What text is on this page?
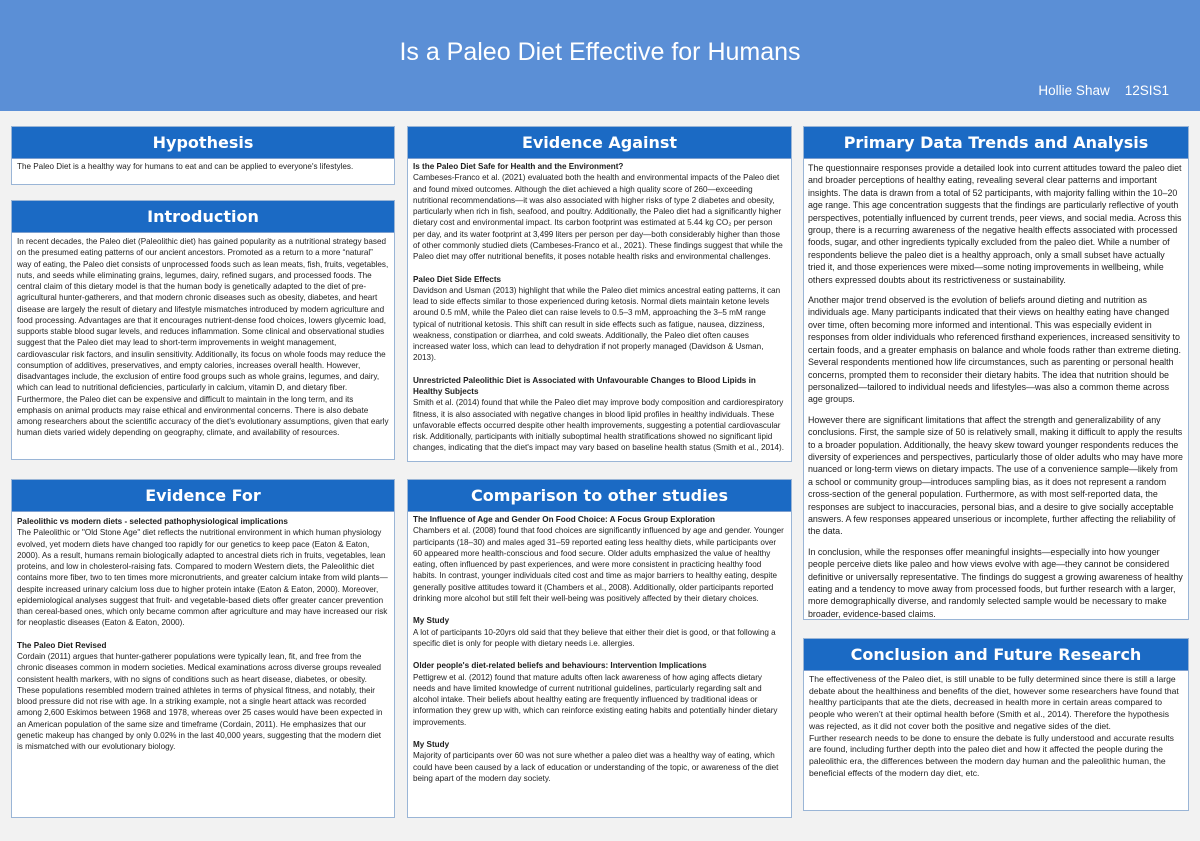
Is a Paleo Diet Effective for Humans
Hollie Shaw    12SIS1
Hypothesis

The Paleo Diet is a healthy way for humans to eat and can be applied to everyone's lifestyles.

Introduction

In recent decades, the Paleo diet (Paleolithic diet) has gained popularity as a nutritional strategy based on the presumed eating patterns of our ancient ancestors. Promoted as a return to a more “natural” way of eating, the Paleo diet consists of unprocessed foods such as lean meats, fish, fruits, vegetables, nuts, and seeds while eliminating grains, legumes, dairy, refined sugars, and processed foods. The central claim of this dietary model is that the human body is genetically adapted to the diet of pre-agricultural hunter-gatherers, and that modern chronic diseases such as obesity, diabetes, and heart disease are largely the result of dietary and lifestyle mismatches introduced by modern agriculture and food processing. Advantages are that it encourages nutrient-dense food choices, lowers glycemic load, supports stable blood sugar levels, and reduces inflammation. Some clinical and observational studies suggest that the Paleo diet may lead to short-term improvements in weight management, cardiovascular risk factors, and insulin sensitivity. Additionally, its focus on whole foods may reduce the consumption of additives, preservatives, and empty calories, increases overall health. However, disadvantages include, the exclusion of entire food groups such as whole grains, legumes, and dairy, which can lead to nutritional deficiencies, particularly in calcium, vitamin D, and dietary fiber. Furthermore, the Paleo diet can be expensive and difficult to maintain in the long term, and its emphasis on animal products may raise ethical and environmental concerns. There is also debate among researchers about the scientific accuracy of the diet’s evolutionary assumptions, given that early human diets varied widely depending on geography, climate, and availability of resources.

Evidence For

Paleolithic vs modern diets - selected pathophysiological implications

The Paleolithic or "Old Stone Age" diet reflects the nutritional environment in which human physiology evolved, yet modern diets have changed too rapidly for our genetics to keep pace (Eaton & Eaton, 2000). As a result, humans remain biologically adapted to ancestral diets rich in fruits, vegetables, lean proteins, and low in cholesterol-raising fats. Compared to modern Western diets, the Paleolithic diet contains more fiber, two to ten times more micronutrients, and greater calcium intake from wild plants—despite increased urinary calcium loss due to higher protein intake (Eaton & Eaton, 2000). Moreover, epidemiological analyses suggest that fruit- and vegetable-based diets offer greater cancer prevention than cereal-based ones, which only became common after agriculture and may have increased our risk for neoplastic diseases (Eaton & Eaton, 2000).

The Paleo Diet Revised

Cordain (2011) argues that hunter-gatherer populations were typically lean, fit, and free from the chronic diseases common in modern societies. Medical examinations across diverse groups revealed consistent health markers, with no signs of conditions such as heart disease, diabetes, or obesity. These populations resembled modern trained athletes in terms of physical fitness, and notably, their blood pressure did not rise with age. In a striking example, not a single heart attack was recorded among 2,600 Eskimos between 1968 and 1978, whereas over 25 cases would have been expected in an American population of the same size and timeframe (Cordain, 2011). He emphasizes that our genetic makeup has changed by only 0.02% in the last 40,000 years, suggesting that the modern diet is mismatched with our evolutionary biology.

Evidence Against

Is the Paleo Diet Safe for Health and the Environment?

Cambeses-Franco et al. (2021) evaluated both the health and environmental impacts of the Paleo diet and found mixed outcomes. Although the diet achieved a high quality score of 260—exceeding nutritional recommendations—it was also associated with higher risks of type 2 diabetes and obesity, particularly when rich in fish, seafood, and poultry. Additionally, the Paleo diet had a significantly higher dietary cost and environmental impact. Its carbon footprint was estimated at 5.44 kg CO₂ per person per day, and its water footprint at 3,499 liters per person per day—both considerably higher than those of other commonly studied diets (Cambeses-Franco et al., 2021). These findings suggest that while the Paleo diet may offer nutritional benefits, it poses notable health risks and environmental challenges.

Paleo Diet Side Effects

Davidson and Usman (2013) highlight that while the Paleo diet mimics ancestral eating patterns, it can lead to side effects similar to those experienced during ketosis. Normal diets maintain ketone levels around 0.5 mM, while the Paleo diet can raise levels to 0.5–3 mM, approaching the 3–5 mM range typical of nutritional ketosis. This shift can result in side effects such as fatigue, nausea, dizziness, weakness, constipation or diarrhea, and cold sweats. Additionally, the Paleo diet often causes increased water loss, which can lead to dehydration if not properly managed (Davidson & Usman, 2013).

Unrestricted Paleolithic Diet is Associated with Unfavourable Changes to Blood Lipids in Healthy Subjects

Smith et al. (2014) found that while the Paleo diet may improve body composition and cardiorespiratory fitness, it is also associated with negative changes in blood lipid profiles in healthy individuals. These unfavorable effects occurred despite other health improvements, suggesting a potential cardiovascular risk. Additionally, participants with initially suboptimal health stratifications showed no significant lipid changes, indicating that the diet's impact may vary based on baseline health status (Smith et al., 2014).

Comparison to other studies

The Influence of Age and Gender On Food Choice: A Focus Group Exploration

Chambers et al. (2008) found that food choices are significantly influenced by age and gender. Younger participants (18–30) and males aged 31–59 reported eating less healthy diets, while participants over 60 appeared more health-conscious and food secure. Older adults emphasized the value of healthy eating, often influenced by past experiences, and were more consistent in practicing healthy food habits. In contrast, younger individuals cited cost and time as major barriers to healthy eating, despite generally positive attitudes toward it (Chambers et al., 2008). Additionally, older participants reported drinking more alcohol but still felt their well-being was positively affected by their dietary choices.

My Study

A lot of participants 10-20yrs old said that they believe that either their diet is good, or that following a specific diet is only for people with dietary needs i.e. allergies.

Older people's diet-related beliefs and behaviours: Intervention Implications

Pettigrew et al. (2012) found that mature adults often lack awareness of how aging affects dietary needs and have limited knowledge of current nutritional guidelines, particularly regarding salt and alcohol intake. Their beliefs about healthy eating are frequently influenced by traditional ideas or information they grew up with, which can reinforce existing eating habits and potentially hinder dietary improvements.

My Study

Majority of participants over 60 was not sure whether a paleo diet was a healthy way of eating, which could have been caused by a lack of education or understanding of the topic, or awareness of the diet being apart of the modern day society.

Primary Data Trends and Analysis

The questionnaire responses provide a detailed look into current attitudes toward the paleo diet and broader perceptions of healthy eating, revealing several clear patterns and important insights. The data is drawn from a total of 52 participants, with majority falling within the 10–20 age range. This age concentration suggests that the findings are particularly reflective of youth perspectives, potentially influenced by current trends, peer views, and social media. Across this group, there is a recurring awareness of the negative health effects associated with processed foods, sugar, and other ingredients typically excluded from the paleo diet. While a number of respondents believe the paleo diet is a healthy approach, only a small subset have actually tried it, and those experiences were mixed—some noting improvements in wellbeing, while others expressed doubts about its restrictiveness or sustainability.

Another major trend observed is the evolution of beliefs around dieting and nutrition as individuals age. Many participants indicated that their views on healthy eating have changed over time, often becoming more informed and intentional. This was especially evident in responses from older individuals who referenced firsthand experiences, increased sensitivity to certain foods, and a greater emphasis on balance and whole foods rather than extreme dieting. Several respondents mentioned how life circumstances, such as parenting or personal health concerns, prompted them to reconsider their dietary habits. The idea that nutrition should be personalized—tailored to individual needs and lifestyles—was also a common theme across age groups.

However there are significant limitations that affect the strength and generalizability of any conclusions. First, the sample size of 50 is relatively small, making it difficult to apply the results to a broader population. Additionally, the heavy skew toward younger respondents reduces the diversity of experiences and perspectives, particularly those of older adults who may have more nuanced or long-term views on dietary impacts. The use of a convenience sample—likely from a school or community group—introduces sampling bias, as it does not represent a random cross-section of the general population. Furthermore, as with most self-reported data, the responses are subject to inaccuracies, personal bias, and a desire to give socially acceptable answers. A few responses appeared unserious or incomplete, further affecting the reliability of the data.

In conclusion, while the responses offer meaningful insights—especially into how younger people perceive diets like paleo and how views evolve with age—they cannot be considered definitive or universally representative. The findings do suggest a growing awareness of healthy eating and a tendency to move away from processed foods, but further research with a larger, more demographically diverse, and randomly selected sample would be necessary to make broader, evidence-based claims.

Conclusion and Future Research

The effectiveness of the Paleo diet, is still unable to be fully determined since there is still a large debate about the healthiness and benefits of the diet, however some researchers have found that healthy participants that ate the diets, decreased in health more in certain areas compared to people who weren’t at their optimal health before (Smith et al., 2014). Therefore the hypothesis was rejected, as it did not cover both the positive and negative sides of the diet.

Further research needs to be done to ensure the debate is fully understood and accurate results are found, including further depth into the paleo diet and how it affected the people during the paleolithic era, the differences between the modern day human and the paleolithic human, the beneficial effects of the modern day diet, etc.
